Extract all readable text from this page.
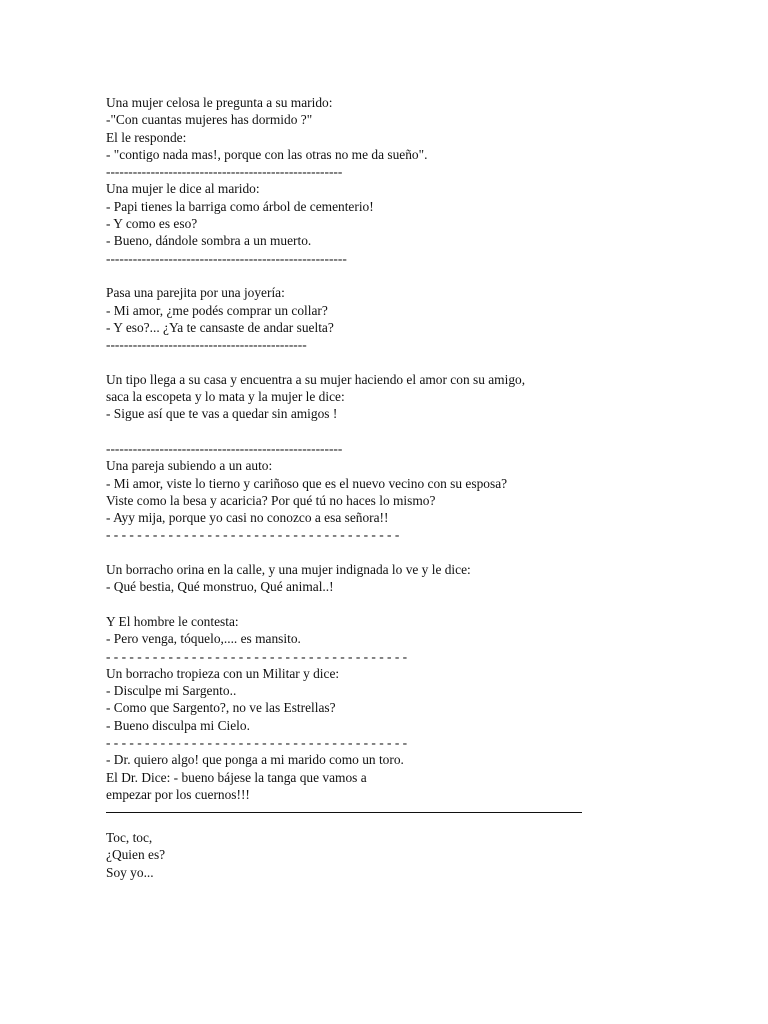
Una mujer celosa le pregunta a su marido:
-"Con cuantas mujeres has dormido ?"
El le responde:
- "contigo nada mas!, porque con las otras no me da sueño".
-----------------------------------------------------
Una mujer le dice al marido:
- Papi tienes la barriga como árbol de cementerio!
- Y como es eso?
- Bueno, dándole sombra a un muerto.
------------------------------------------------------
Pasa una parejita por una joyería:
- Mi amor, ¿me podés comprar un collar?
- Y eso?... ¿Ya te cansaste de andar suelta?
---------------------------------------------
Un tipo llega a su casa y encuentra a su mujer haciendo el amor con su amigo,
saca la escopeta y lo mata y la mujer le dice:
- Sigue así que te vas a quedar sin amigos !
-----------------------------------------------------
Una pareja subiendo a un auto:
- Mi amor, viste lo tierno y cariñoso que es el nuevo vecino con su esposa?
Viste como la besa y acaricia? Por qué tú no haces lo mismo?
- Ayy mija, porque yo casi no conozco a esa señora!!
- - - - - - - - - - - - - - - - - - - - - - - - - - - - - - - - - - - - - -
Un borracho orina en la calle, y una mujer indignada lo ve y le dice:
- Qué bestia, Qué monstruo, Qué animal..!
Y El hombre le contesta:
- Pero venga, tóquelo,.... es mansito.
- - - - - - - - - - - - - - - - - - - - - - - - - - - - - - - - - - - - - - -
Un borracho tropieza con un Militar y dice:
- Disculpe mi Sargento..
- Como que Sargento?, no ve las Estrellas?
- Bueno disculpa mi Cielo.
- - - - - - - - - - - - - - - - - - - - - - - - - - - - - - - - - - - - - - -
- Dr. quiero algo! que ponga a mi marido como un toro.
El Dr. Dice: - bueno bájese la tanga que vamos a
empezar por los cuernos!!!
Toc, toc,
¿Quien es?
Soy yo...
